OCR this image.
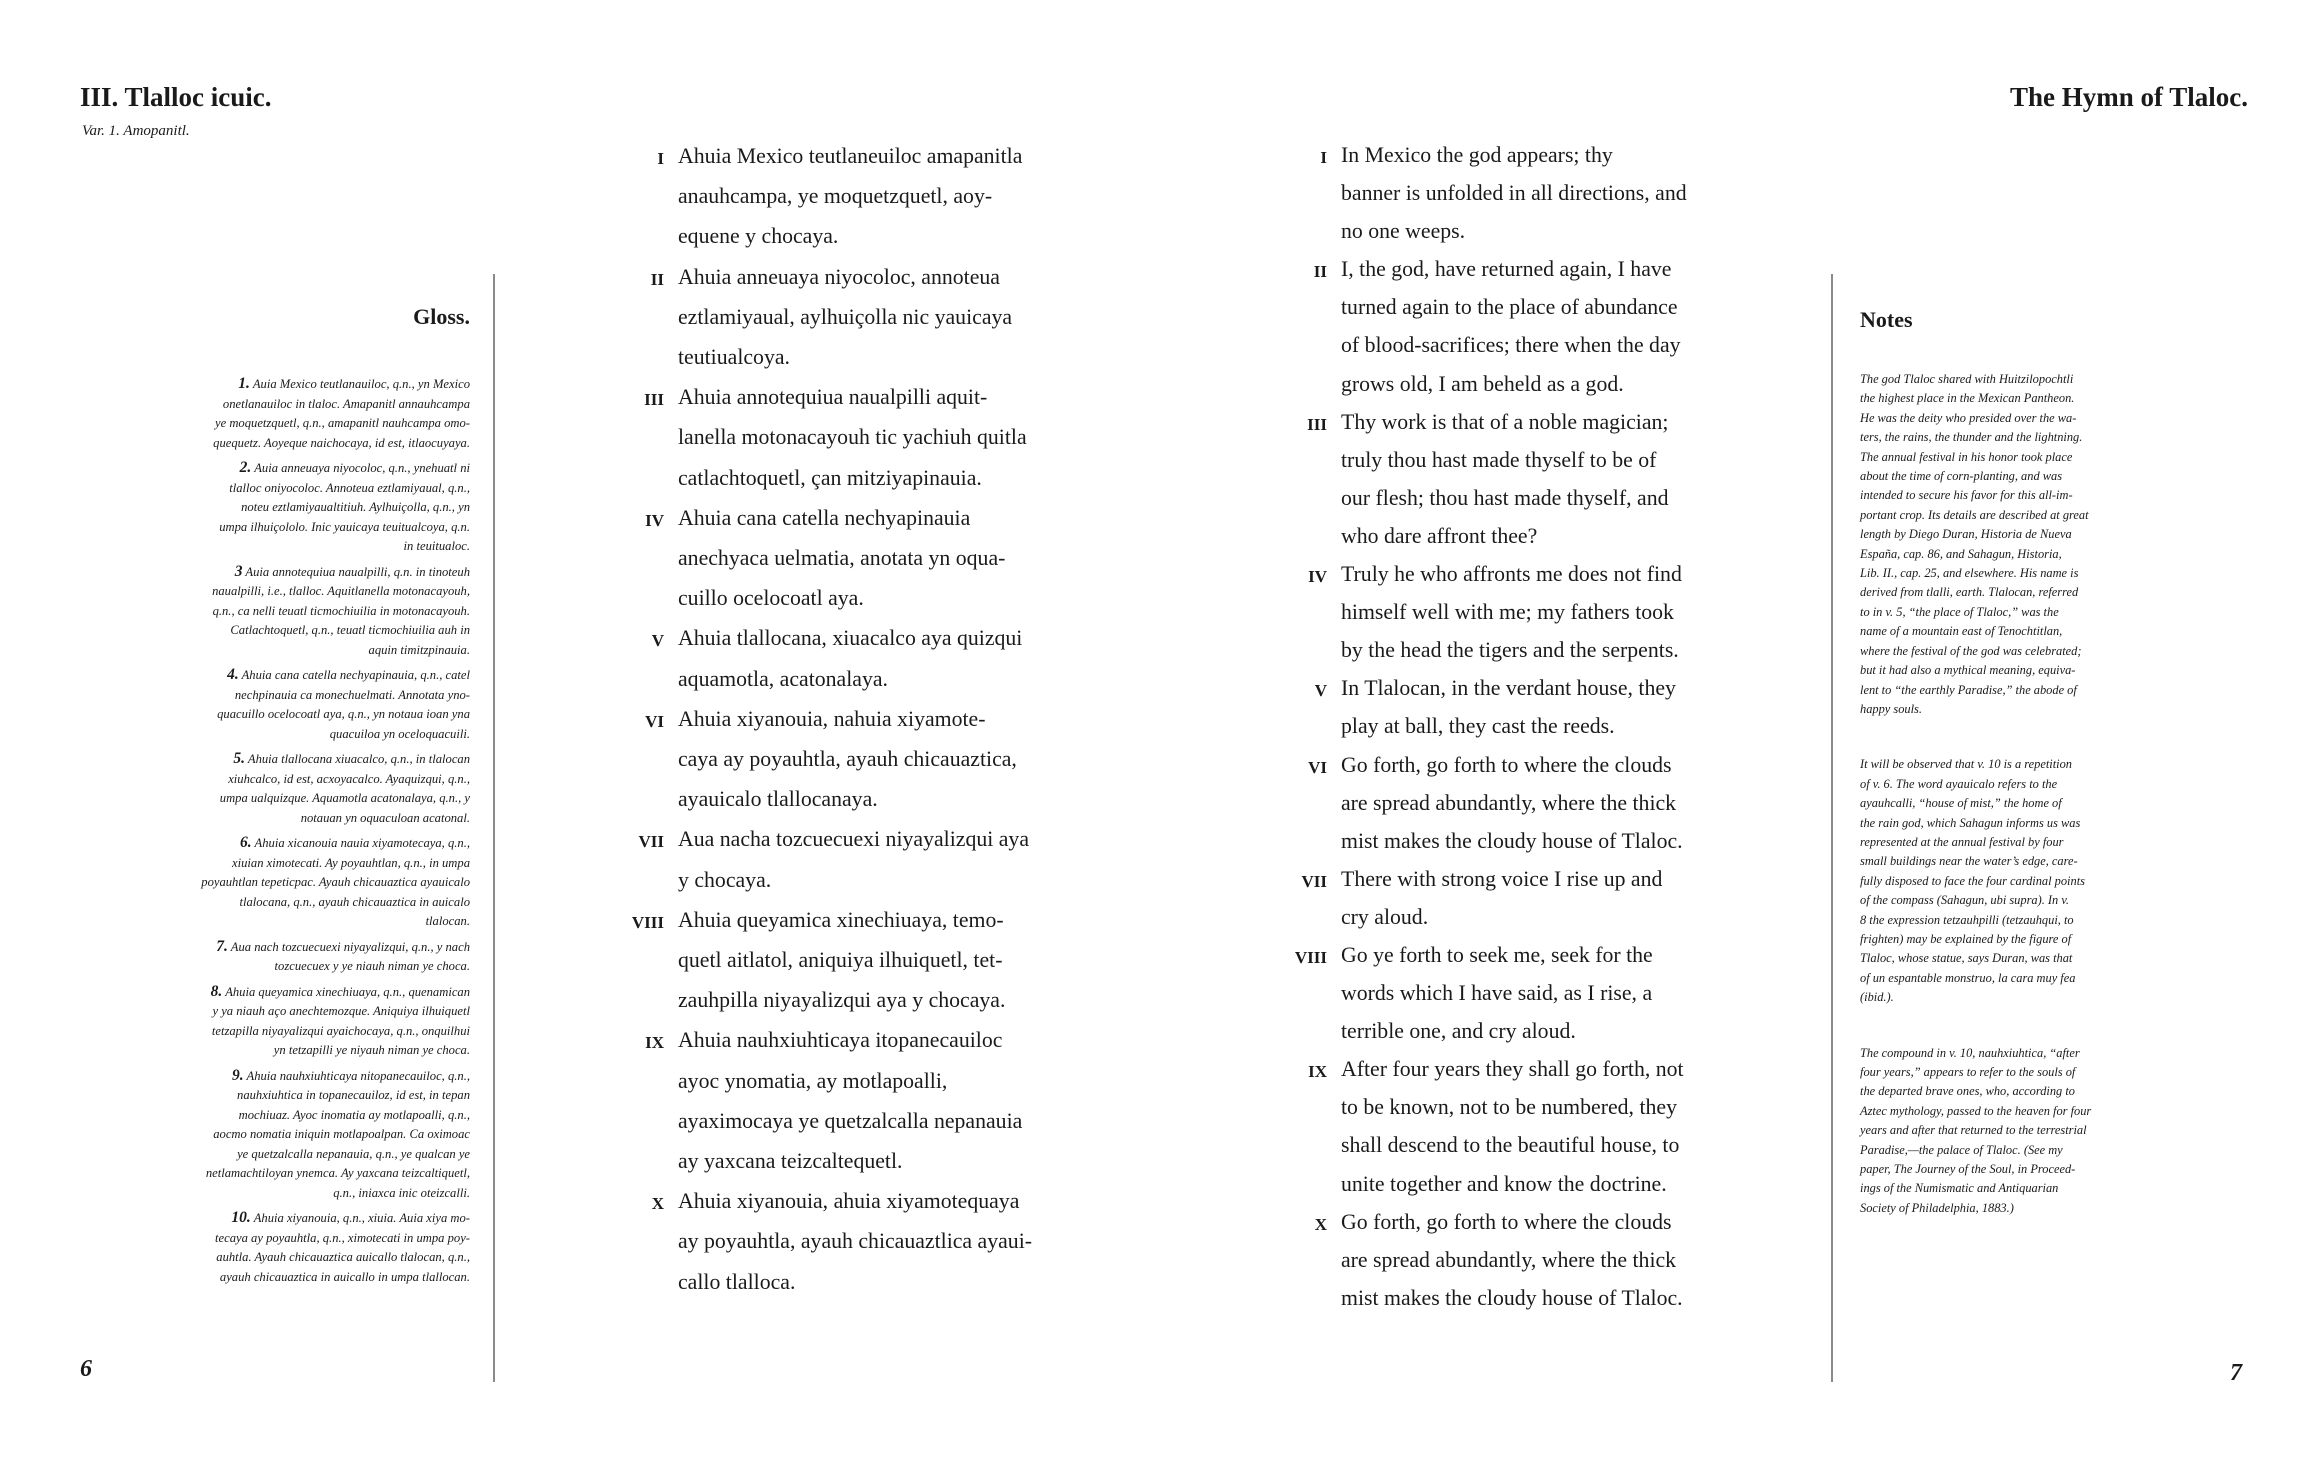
III. Tlalloc icuic.
Var. 1. Amopanitl.
The Hymn of Tlaloc.
Gloss.
1. Auia Mexico teutlanauiloc, q.n., yn Mexico
onetlanauiloc in tlaloc. Amapanitl annauhcampa
ye moquetzquetl, q.n., amapanitl nauhcampa omo-
quequetz. Aoyeque naichocaya, id est, itlaocuyaya.
2. Auia anneuaya niyocoloc, q.n., ynehuatl ni
tlalloc oniyocoloc. Annoteua eztlamiyaual, q.n.,
noteu eztlamiyaualtitiuh. Aylhuiçolla, q.n., yn
umpa ilhuiçololo. Inic yauicaya teuitualcoya, q.n.
in teuitualoc.
3 Auia annotequiua naualpilli, q.n. in tinoteuh
naualpilli, i.e., tlalloc. Aquitlanella motonacayouh,
q.n., ca nelli teuatl ticmochiuilia in motonacayouh.
Catlachtoquetl, q.n., teuatl ticmochiuilia auh in
aquin timitzpinauia.
4. Ahuia cana catella nechyapinauia, q.n., catel
nechpinauia ca monechuelmati. Annotata yno-
quacuillo ocelocoatl aya, q.n., yn notaua ioan yna
quacuiloa yn oceloquacuili.
5. Ahuia tlallocana xiuacalco, q.n., in tlalocan
xiuhcalco, id est, acxoyacalco. Ayaquizqui, q.n.,
umpa ualquizque. Aquamotla acatonalaya, q.n., y
notauan yn oquaculoan acatonal.
6. Ahuia xicanouia nauia xiyamotecaya, q.n.,
xiuian ximotecati. Ay poyauhtlan, q.n., in umpa
poyauhtlan tepeticpac. Ayauh chicauaztica ayauicalo
tlalocana, q.n., ayauh chicauaztica in auicalo
tlalocan.
7. Aua nach tozcuecuexi niyayalizqui, q.n., y nach
tozcuecuex y ye niauh niman ye choca.
8. Ahuia queyamica xinechiuaya, q.n., quenamican
y ya niauh aço anechtemozque. Aniquiya ilhuiquetl
tetzapilla niyayalizqui ayaichocaya, q.n., onquilhui
yn tetzapilli ye niyauh niman ye choca.
9. Ahuia nauhxiuhticaya nitopanecauiloc, q.n.,
nauhxiuhtica in topanecauiloz, id est, in tepan
mochiuaz. Ayoc inomatia ay motlapoalli, q.n.,
aocmo nomatia iniquin motlapoalpan. Ca oximoac
ye quetzalcalla nepanauia, q.n., ye qualcan ye
netlamachtiloyan ynemca. Ay yaxcana teizcaltiquetl,
q.n., iniaxca inic oteizcalli.
10. Ahuia xiyanouia, q.n., xiuia. Auia xiya mo-
tecaya ay poyauhtla, q.n., ximotecati in umpa poy-
auhtla. Ayauh chicauaztica auicallo tlalocan, q.n.,
ayauh chicauaztica in auicallo in umpa tlallocan.
I Ahuia Mexico teutlaneuiloc amapanitla
anauhcampa, ye moquetzquetl, aoy-
equene y chocaya.
II Ahuia anneuaya niyocoloc, annoteua
eztlamiyaual, aylhuiçolla nic yauicaya
teutiualcoya.
III Ahuia annotequiua naualpilli aquit-
lanella motonacayouh tic yachiuh quitla
catlachtoquetl, çan mitziyapinauia.
IV Ahuia cana catella nechyapinauia
anechyaca uelmatia, anotata yn oqua-
cuillo ocelocoatl aya.
V Ahuia tlallocana, xiuacalco aya quizqui
aquamotla, acatonalaya.
VI Ahuia xiyanouia, nahuia xiyamote-
caya ay poyauhtla, ayauh chicauaztica,
ayauicalo tlallocanaya.
VII Aua nacha tozcuecuexi niyayalizqui aya
y chocaya.
VIII Ahuia queyamica xinechiuaya, temo-
quetl aitlatol, aniquiya ilhuiquetl, tet-
zauhpilla niyayalizqui aya y chocaya.
IX Ahuia nauhxiuhticaya itopanecauiloc
ayoc ynomatia, ay motlapoalli,
ayaximocaya ye quetzalcalla nepanauia
ay yaxcana teizcaltequetl.
X Ahuia xiyanouia, ahuia xiyamotequaya
ay poyauhtla, ayauh chicauaztlica ayaui-
callo tlalloca.
I In Mexico the god appears; thy
banner is unfolded in all directions, and
no one weeps.
II I, the god, have returned again, I have
turned again to the place of abundance
of blood-sacrifices; there when the day
grows old, I am beheld as a god.
III Thy work is that of a noble magician;
truly thou hast made thyself to be of
our flesh; thou hast made thyself, and
who dare affront thee?
IV Truly he who affronts me does not find
himself well with me; my fathers took
by the head the tigers and the serpents.
V In Tlalocan, in the verdant house, they
play at ball, they cast the reeds.
VI Go forth, go forth to where the clouds
are spread abundantly, where the thick
mist makes the cloudy house of Tlaloc.
VII There with strong voice I rise up and
cry aloud.
VIII Go ye forth to seek me, seek for the
words which I have said, as I rise, a
terrible one, and cry aloud.
IX After four years they shall go forth, not
to be known, not to be numbered, they
shall descend to the beautiful house, to
unite together and know the doctrine.
X Go forth, go forth to where the clouds
are spread abundantly, where the thick
mist makes the cloudy house of Tlaloc.
Notes

The god Tlaloc shared with Huitzilopochtli
the highest place in the Mexican Pantheon.
He was the deity who presided over the wa-
ters, the rains, the thunder and the lightning.
The annual festival in his honor took place
about the time of corn-planting, and was
intended to secure his favor for this all-im-
portant crop. Its details are described at great
length by Diego Duran, Historia de Nueva
España, cap. 86, and Sahagun, Historia,
Lib. II., cap. 25, and elsewhere. His name is
derived from tlalli, earth. Tlalocan, referred
to in v. 5, “the place of Tlaloc,” was the
name of a mountain east of Tenochtitlan,
where the festival of the god was celebrated;
but it had also a mythical meaning, equiva-
lent to “the earthly Paradise,” the abode of
happy souls.

It will be observed that v. 10 is a repetition
of v. 6. The word ayauicalo refers to the
ayauhcalli, “house of mist,” the home of
the rain god, which Sahagun informs us was
represented at the annual festival by four
small buildings near the water’s edge, care-
fully disposed to face the four cardinal points
of the compass (Sahagun, ubi supra). In v.
8 the expression tetzauhpilli (tetzauhqui, to
frighten) may be explained by the figure of
Tlaloc, whose statue, says Duran, was that
of un espantable monstruo, la cara muy fea
(ibid.).

The compound in v. 10, nauhxiuhtica, “after
four years,” appears to refer to the souls of
the departed brave ones, who, according to
Aztec mythology, passed to the heaven for four
years and after that returned to the terrestrial
Paradise,—the palace of Tlaloc. (See my
paper, The Journey of the Soul, in Proceed-
ings of the Numismatic and Antiquarian
Society of Philadelphia, 1883.)

6	7
